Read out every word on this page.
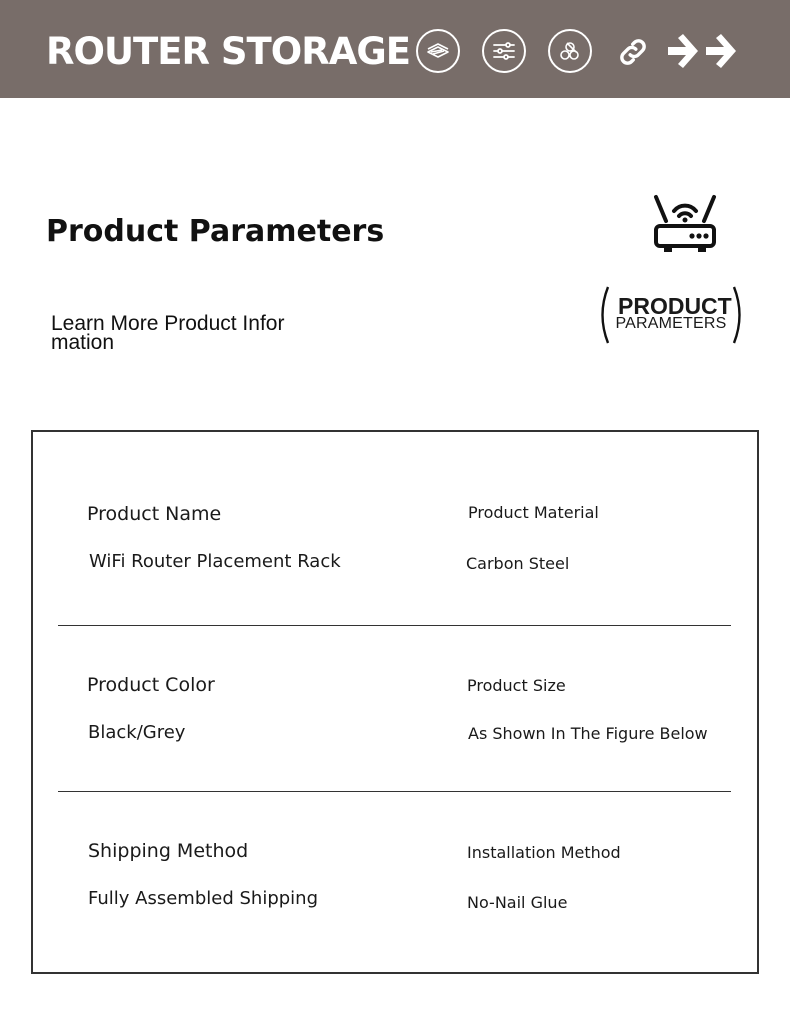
ROUTER STORAGE
Product Parameters
Learn More Product Information
PRODUCT
PARAMETERS
Product Name
WiFi Router Placement Rack
Product Material
Carbon Steel
Product Color
Black/Grey
Product Size
As Shown In The Figure Below
Shipping Method
Fully Assembled Shipping
Installation Method
No-Nail Glue
